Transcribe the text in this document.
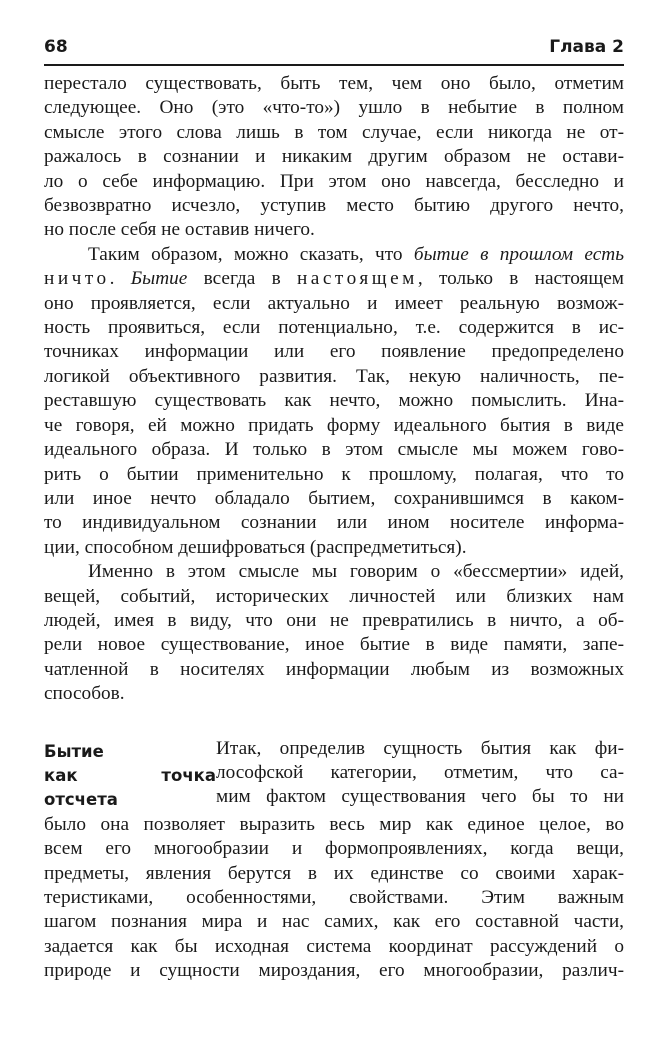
68	Глава 2

перестало существовать, быть тем, чем оно было, отметим
следующее. Оно (это «что-то») ушло в небытие в полном
смысле этого слова лишь в том случае, если никогда не от-
ражалось в сознании и никаким другим образом не остави-
ло о себе информацию. При этом оно навсегда, бесследно и
безвозвратно исчезло, уступив место бытию другого нечто,
но после себя не оставив ничего.

Таким образом, можно сказать, что бытие в прошлом есть
ничто. Бытие всегда в настоящем, только в настоящем
оно проявляется, если актуально и имеет реальную возмож-
ность проявиться, если потенциально, т.е. содержится в ис-
точниках информации или его появление предопределено
логикой объективного развития. Так, некую наличность, пе-
реставшую существовать как нечто, можно помыслить. Ина-
че говоря, ей можно придать форму идеального бытия в виде
идеального образа. И только в этом смысле мы можем гово-
рить о бытии применительно к прошлому, полагая, что то
или иное нечто обладало бытием, сохранившимся в каком-
то индивидуальном сознании или ином носителе информа-
ции, способном дешифроваться (распредметиться).

Именно в этом смысле мы говорим о «бессмертии» идей,
вещей, событий, исторических личностей или близких нам
людей, имея в виду, что они не превратились в ничто, а об-
рели новое существование, иное бытие в виде памяти, запе-
чатленной в носителях информации любым из возможных
способов.

Бытие
как точка отсчета
Итак, определив сущность бытия как фи-
лософской категории, отметим, что са-
мим фактом существования чего бы то ни
было она позволяет выразить весь мир как единое целое, во
всем его многообразии и формопроявлениях, когда вещи,
предметы, явления берутся в их единстве со своими харак-
теристиками, особенностями, свойствами. Этим важным
шагом познания мира и нас самих, как его составной части,
задается как бы исходная система координат рассуждений о
природе и сущности мироздания, его многообразии, различ-
